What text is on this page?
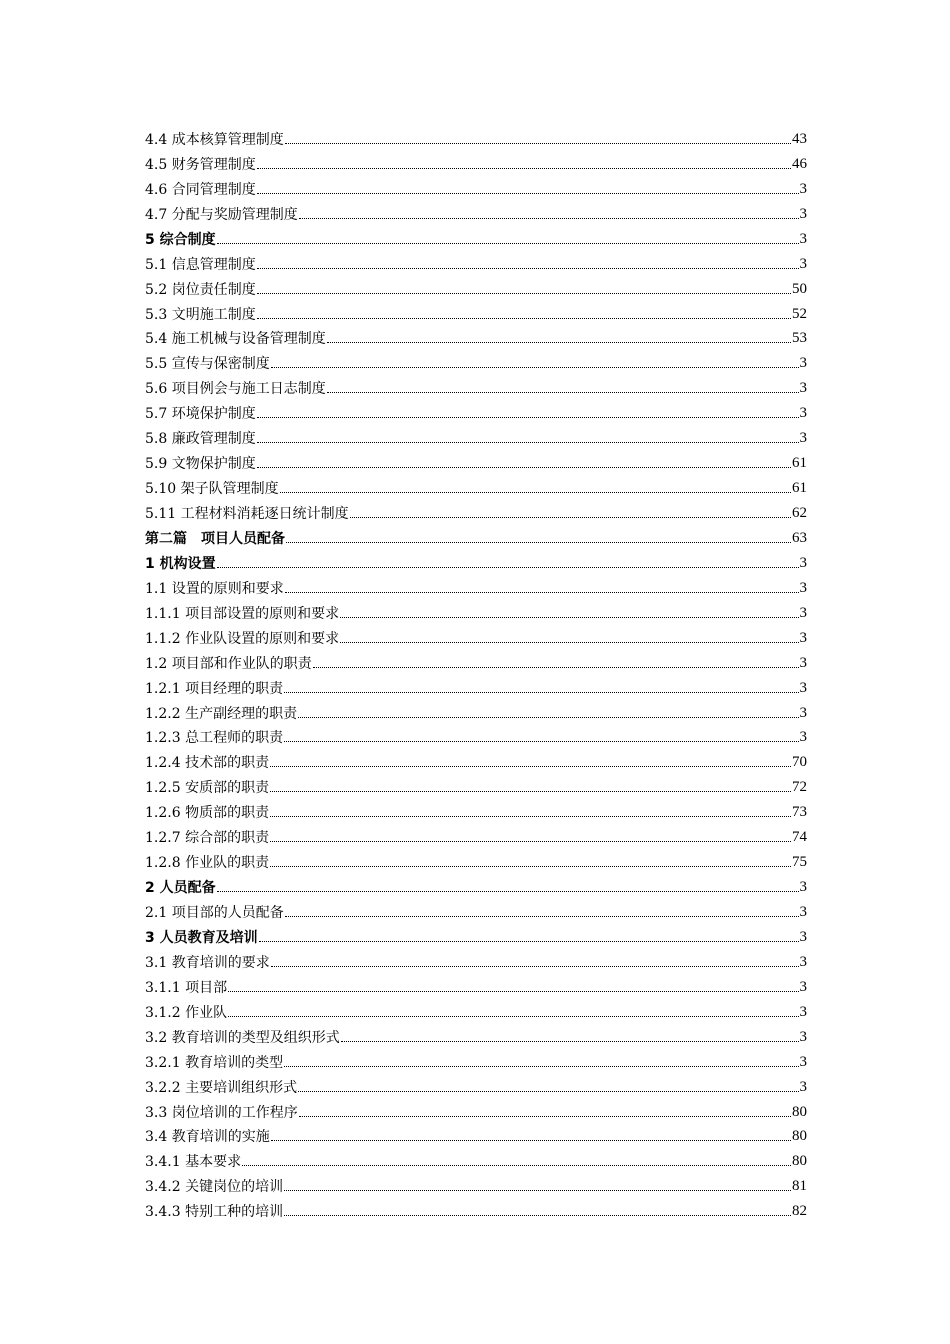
4.4 成本核算管理制度	43
4.5 财务管理制度	46
4.6 合同管理制度	3
4.7 分配与奖励管理制度	3
5 综合制度	3
5.1 信息管理制度	3
5.2 岗位责任制度	50
5.3 文明施工制度	52
5.4 施工机械与设备管理制度	53
5.5 宣传与保密制度	3
5.6 项目例会与施工日志制度	3
5.7 环境保护制度	3
5.8 廉政管理制度	3
5.9 文物保护制度	61
5.10 架子队管理制度	61
5.11 工程材料消耗逐日统计制度	62
第二篇　项目人员配备	63
1 机构设置	3
1.1 设置的原则和要求	3
1.1.1 项目部设置的原则和要求	3
1.1.2 作业队设置的原则和要求	3
1.2 项目部和作业队的职责	3
1.2.1 项目经理的职责	3
1.2.2 生产副经理的职责	3
1.2.3 总工程师的职责	3
1.2.4 技术部的职责	70
1.2.5 安质部的职责	72
1.2.6 物质部的职责	73
1.2.7 综合部的职责	74
1.2.8 作业队的职责	75
2 人员配备	3
2.1 项目部的人员配备	3
3 人员教育及培训	3
3.1 教育培训的要求	3
3.1.1 项目部	3
3.1.2 作业队	3
3.2 教育培训的类型及组织形式	3
3.2.1 教育培训的类型	3
3.2.2 主要培训组织形式	3
3.3 岗位培训的工作程序	80
3.4 教育培训的实施	80
3.4.1 基本要求	80
3.4.2 关键岗位的培训	81
3.4.3 特别工种的培训	82
